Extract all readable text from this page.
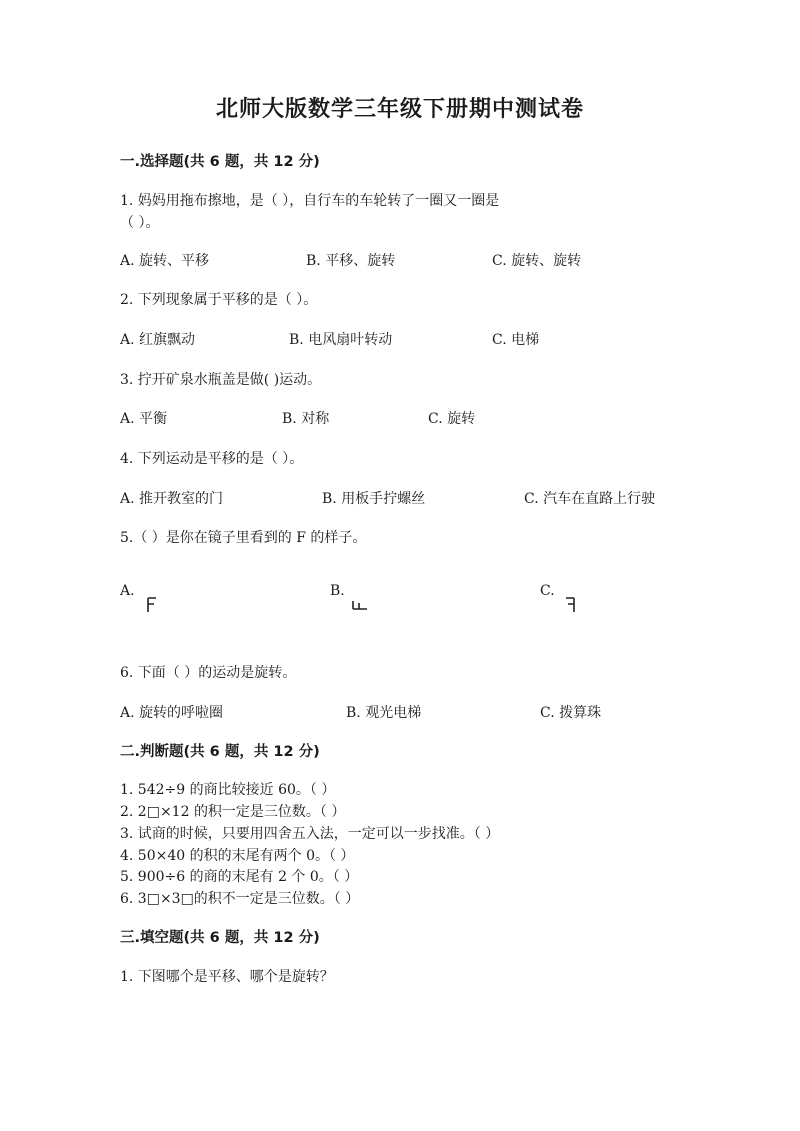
北师大版数学三年级下册期中测试卷
一.选择题(共 6 题，共 12 分)
1. 妈妈用拖布擦地，是（ ），自行车的车轮转了一圈又一圈是
（ ）。
A. 旋转、平移	B. 平移、旋转	C. 旋转、旋转
2. 下列现象属于平移的是（ ）。
A. 红旗飘动	B. 电风扇叶转动	C. 电梯
3. 拧开矿泉水瓶盖是做( )运动。
A. 平衡	B. 对称	C. 旋转
4. 下列运动是平移的是（ ）。
A. 推开教室的门	B. 用板手拧螺丝	C. 汽车在直路上行驶
5.（ ）是你在镜子里看到的 F 的样子。
A.	B.	C.
6. 下面（ ）的运动是旋转。
A. 旋转的呼啦圈	B. 观光电梯	C. 拨算珠
二.判断题(共 6 题，共 12 分)
1. 542÷9 的商比较接近 60。（ ）
2. 2□×12 的积一定是三位数。（ ）
3. 试商的时候，只要用四舍五入法，一定可以一步找准。（ ）
4. 50×40 的积的末尾有两个 0。（ ）
5. 900÷6 的商的末尾有 2 个 0。（ ）
6. 3□×3□的积不一定是三位数。（ ）
三.填空题(共 6 题，共 12 分)
1. 下图哪个是平移、哪个是旋转？
